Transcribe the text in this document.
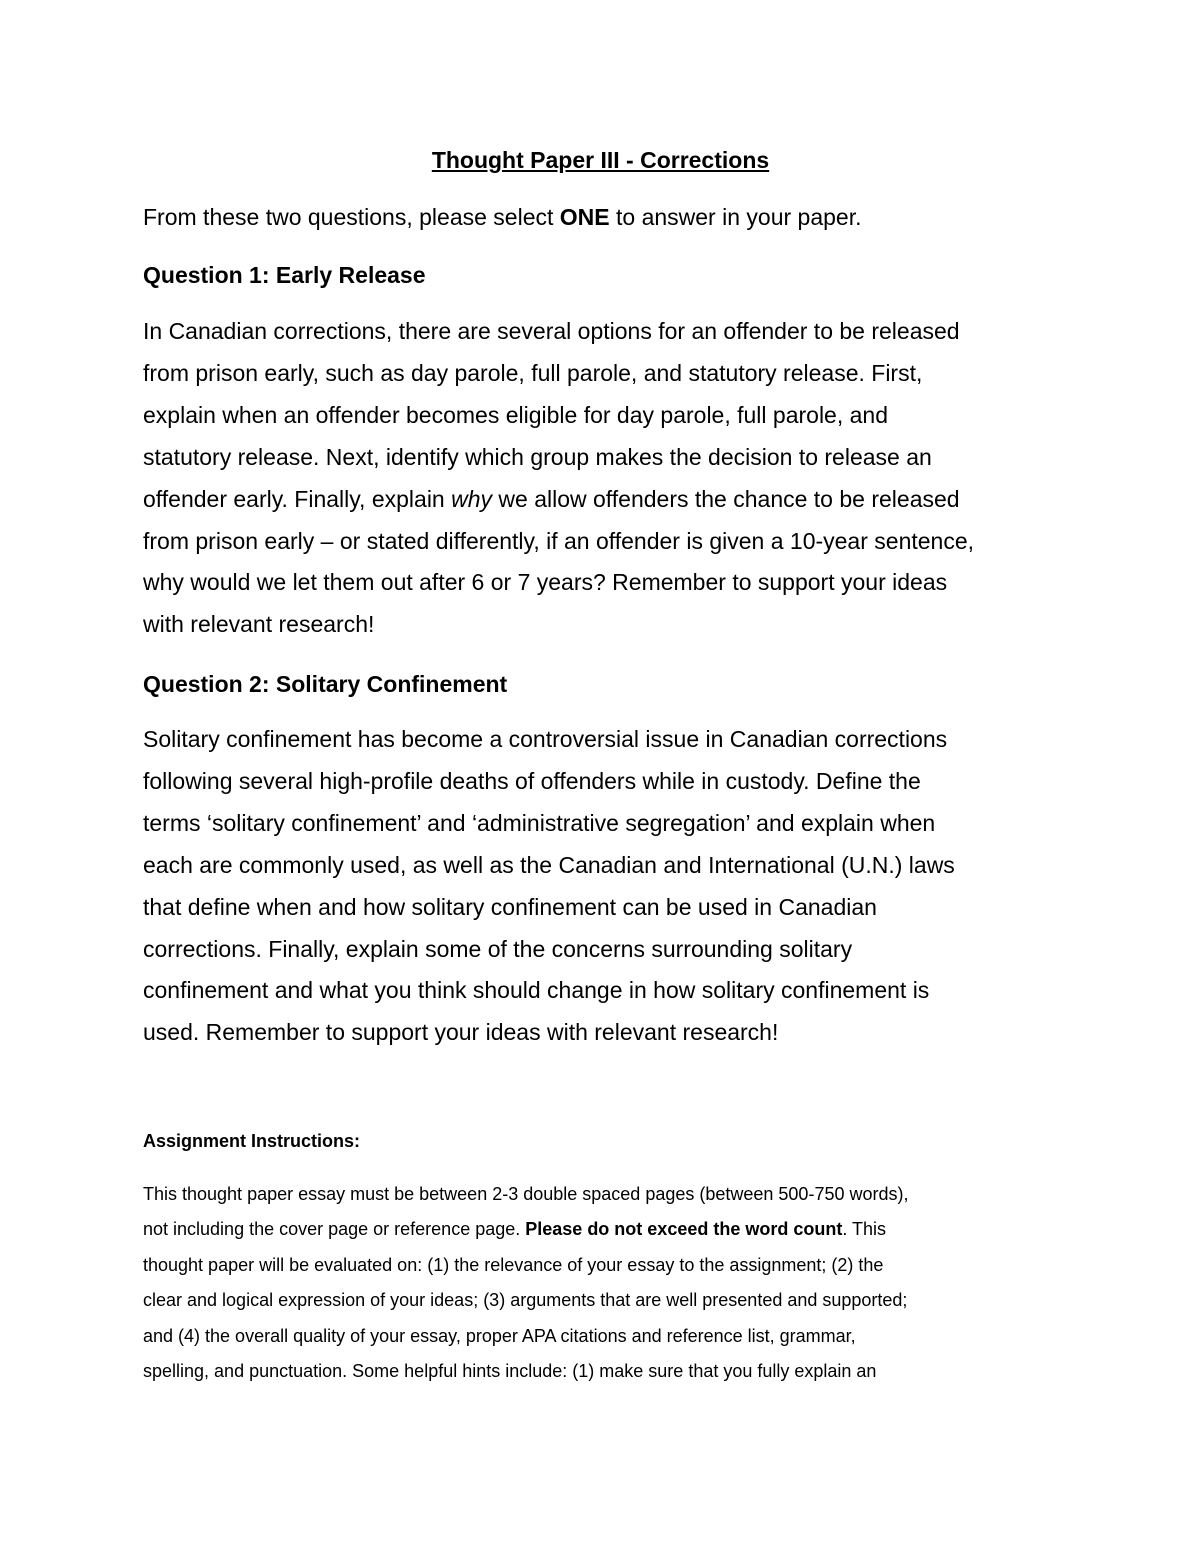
Thought Paper III - Corrections

From these two questions, please select ONE to answer in your paper.

Question 1: Early Release

In Canadian corrections, there are several options for an offender to be released
from prison early, such as day parole, full parole, and statutory release. First,
explain when an offender becomes eligible for day parole, full parole, and
statutory release. Next, identify which group makes the decision to release an
offender early. Finally, explain why we allow offenders the chance to be released
from prison early – or stated differently, if an offender is given a 10-year sentence,
why would we let them out after 6 or 7 years? Remember to support your ideas
with relevant research!

Question 2: Solitary Confinement

Solitary confinement has become a controversial issue in Canadian corrections
following several high-profile deaths of offenders while in custody. Define the
terms ‘solitary confinement’ and ‘administrative segregation’ and explain when
each are commonly used, as well as the Canadian and International (U.N.) laws
that define when and how solitary confinement can be used in Canadian
corrections. Finally, explain some of the concerns surrounding solitary
confinement and what you think should change in how solitary confinement is
used. Remember to support your ideas with relevant research!

Assignment Instructions:

This thought paper essay must be between 2-3 double spaced pages (between 500-750 words),
not including the cover page or reference page. Please do not exceed the word count. This
thought paper will be evaluated on: (1) the relevance of your essay to the assignment; (2) the
clear and logical expression of your ideas; (3) arguments that are well presented and supported;
and (4) the overall quality of your essay, proper APA citations and reference list, grammar,
spelling, and punctuation. Some helpful hints include: (1) make sure that you fully explain an
